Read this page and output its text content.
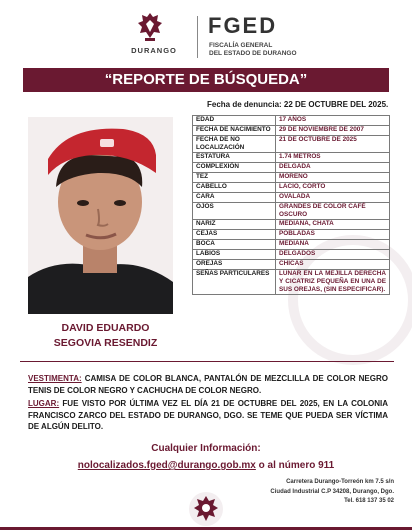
DURANGO
FGED
FISCALÍA GENERAL
DEL ESTADO DE DURANGO
“REPORTE DE BÚSQUEDA”
Fecha de denuncia: 22 DE OCTUBRE DEL 2025.
DAVID EDUARDO
SEGOVIA RESENDIZ
EDAD	17 AÑOS
FECHA DE NACIMIENTO	29 DE NOVIEMBRE DE 2007
FECHA DE NO LOCALIZACIÓN	21 DE OCTUBRE DE 2025
ESTATURA	1.74 METROS
COMPLEXIÓN	DELGADA
TEZ	MORENO
CABELLO	LACIO, CORTO
CARA	OVALADA
OJOS	GRANDES DE COLOR CAFÉ OSCURO
NARIZ	MEDIANA, CHATA
CEJAS	POBLADAS
BOCA	MEDIANA
LABIOS	DELGADOS
OREJAS	CHICAS
SEÑAS PARTICULARES	LUNAR EN LA MEJILLA DERECHA Y CICATRIZ PEQUEÑA EN UNA DE SUS OREJAS, (SIN ESPECIFICAR).
VESTIMENTA: CAMISA DE COLOR BLANCA, PANTALÓN DE MEZCLILLA DE COLOR NEGRO TENIS DE COLOR NEGRO Y CACHUCHA DE COLOR NEGRO.
LUGAR: FUE VISTO POR ÚLTIMA VEZ EL DÍA 21 DE OCTUBRE DEL 2025, EN LA COLONIA FRANCISCO ZARCO DEL ESTADO DE DURANGO, DGO. SE TEME QUE PUEDA SER VÍCTIMA DE ALGÚN DELITO.
Cualquier Información:
nolocalizados.fged@durango.gob.mx o al número 911
Carretera Durango-Torreón km 7.5 s/n
Ciudad Industrial C.P 34208, Durango, Dgo.
Tel. 618 137 35 02
